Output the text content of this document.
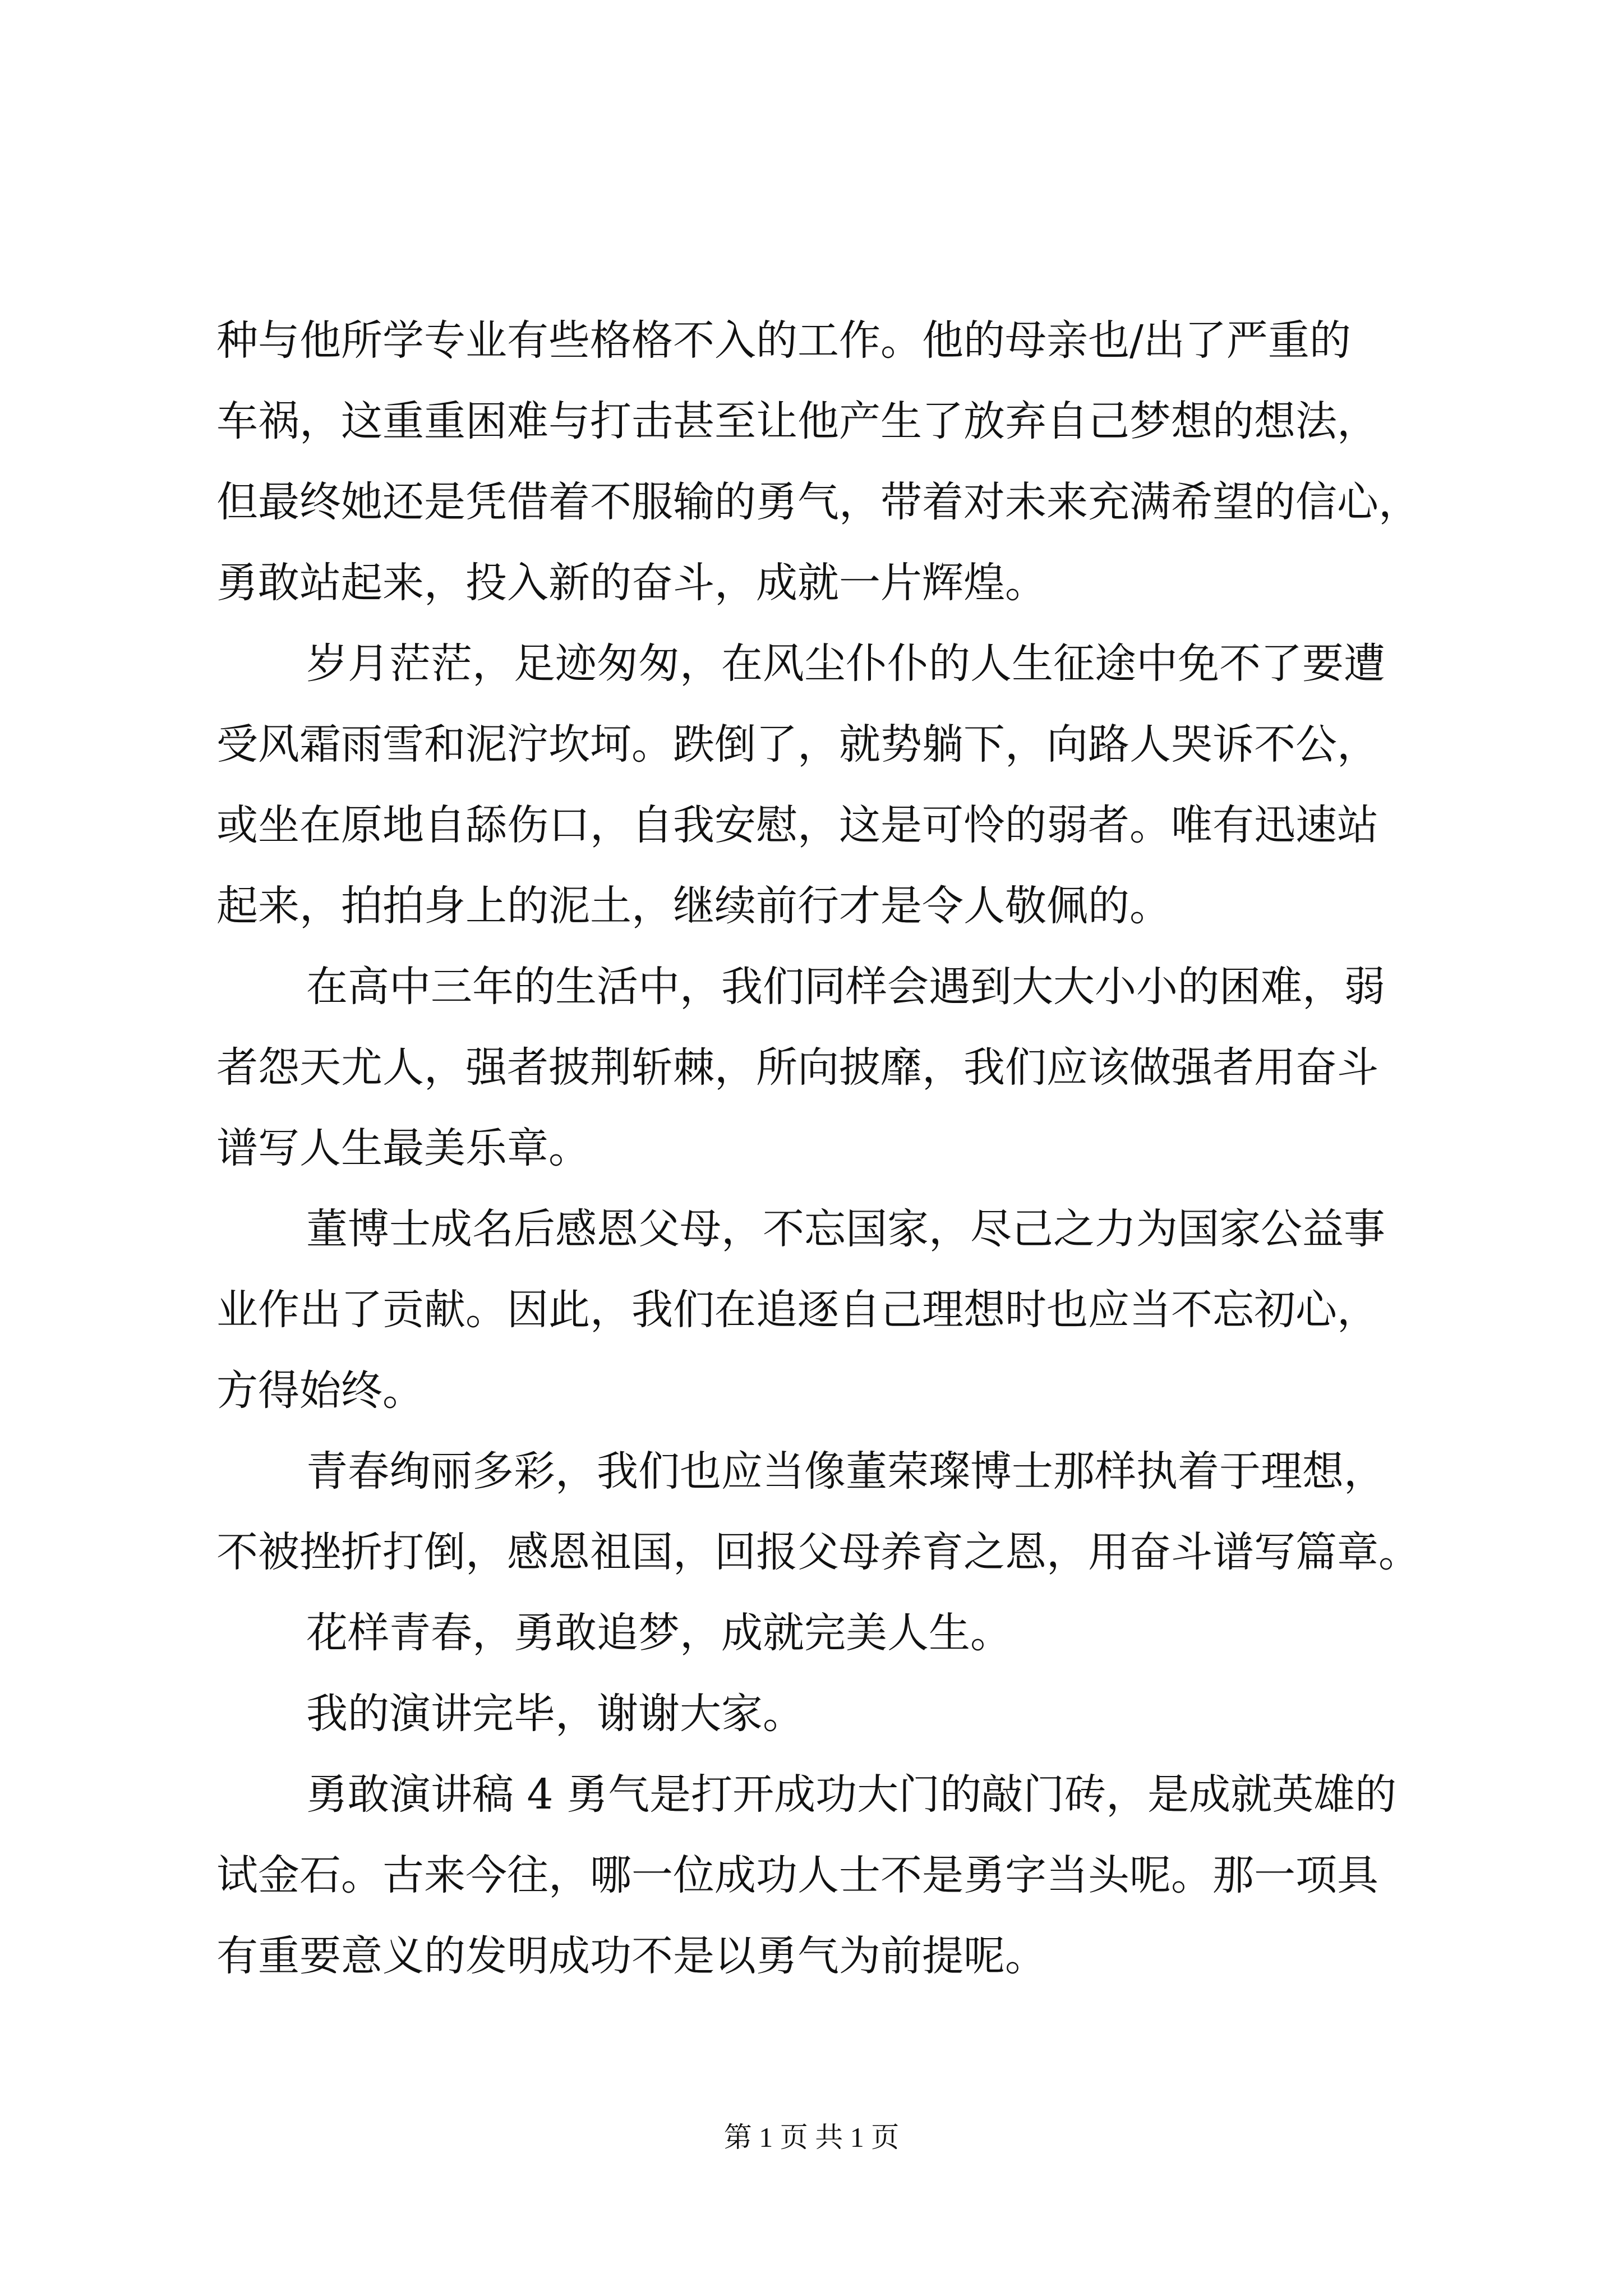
种与他所学专业有些格格不入的工作。他的母亲也/出了严重的
车祸，这重重困难与打击甚至让他产生了放弃自己梦想的想法，
但最终她还是凭借着不服输的勇气，带着对未来充满希望的信心，
勇敢站起来，投入新的奋斗，成就一片辉煌。
岁月茫茫，足迹匆匆，在风尘仆仆的人生征途中免不了要遭
受风霜雨雪和泥泞坎坷。跌倒了，就势躺下，向路人哭诉不公，
或坐在原地自舔伤口，自我安慰，这是可怜的弱者。唯有迅速站
起来，拍拍身上的泥土，继续前行才是令人敬佩的。
在高中三年的生活中，我们同样会遇到大大小小的困难，弱
者怨天尤人，强者披荆斩棘，所向披靡，我们应该做强者用奋斗
谱写人生最美乐章。
董博士成名后感恩父母，不忘国家，尽己之力为国家公益事
业作出了贡献。因此，我们在追逐自己理想时也应当不忘初心，
方得始终。
青春绚丽多彩，我们也应当像董荣璨博士那样执着于理想，
不被挫折打倒，感恩祖国，回报父母养育之恩，用奋斗谱写篇章。
花样青春，勇敢追梦，成就完美人生。
我的演讲完毕，谢谢大家。
勇敢演讲稿 4 勇气是打开成功大门的敲门砖，是成就英雄的
试金石。古来今往，哪一位成功人士不是勇字当头呢。那一项具
有重要意义的发明成功不是以勇气为前提呢。
第 1 页 共 1 页
